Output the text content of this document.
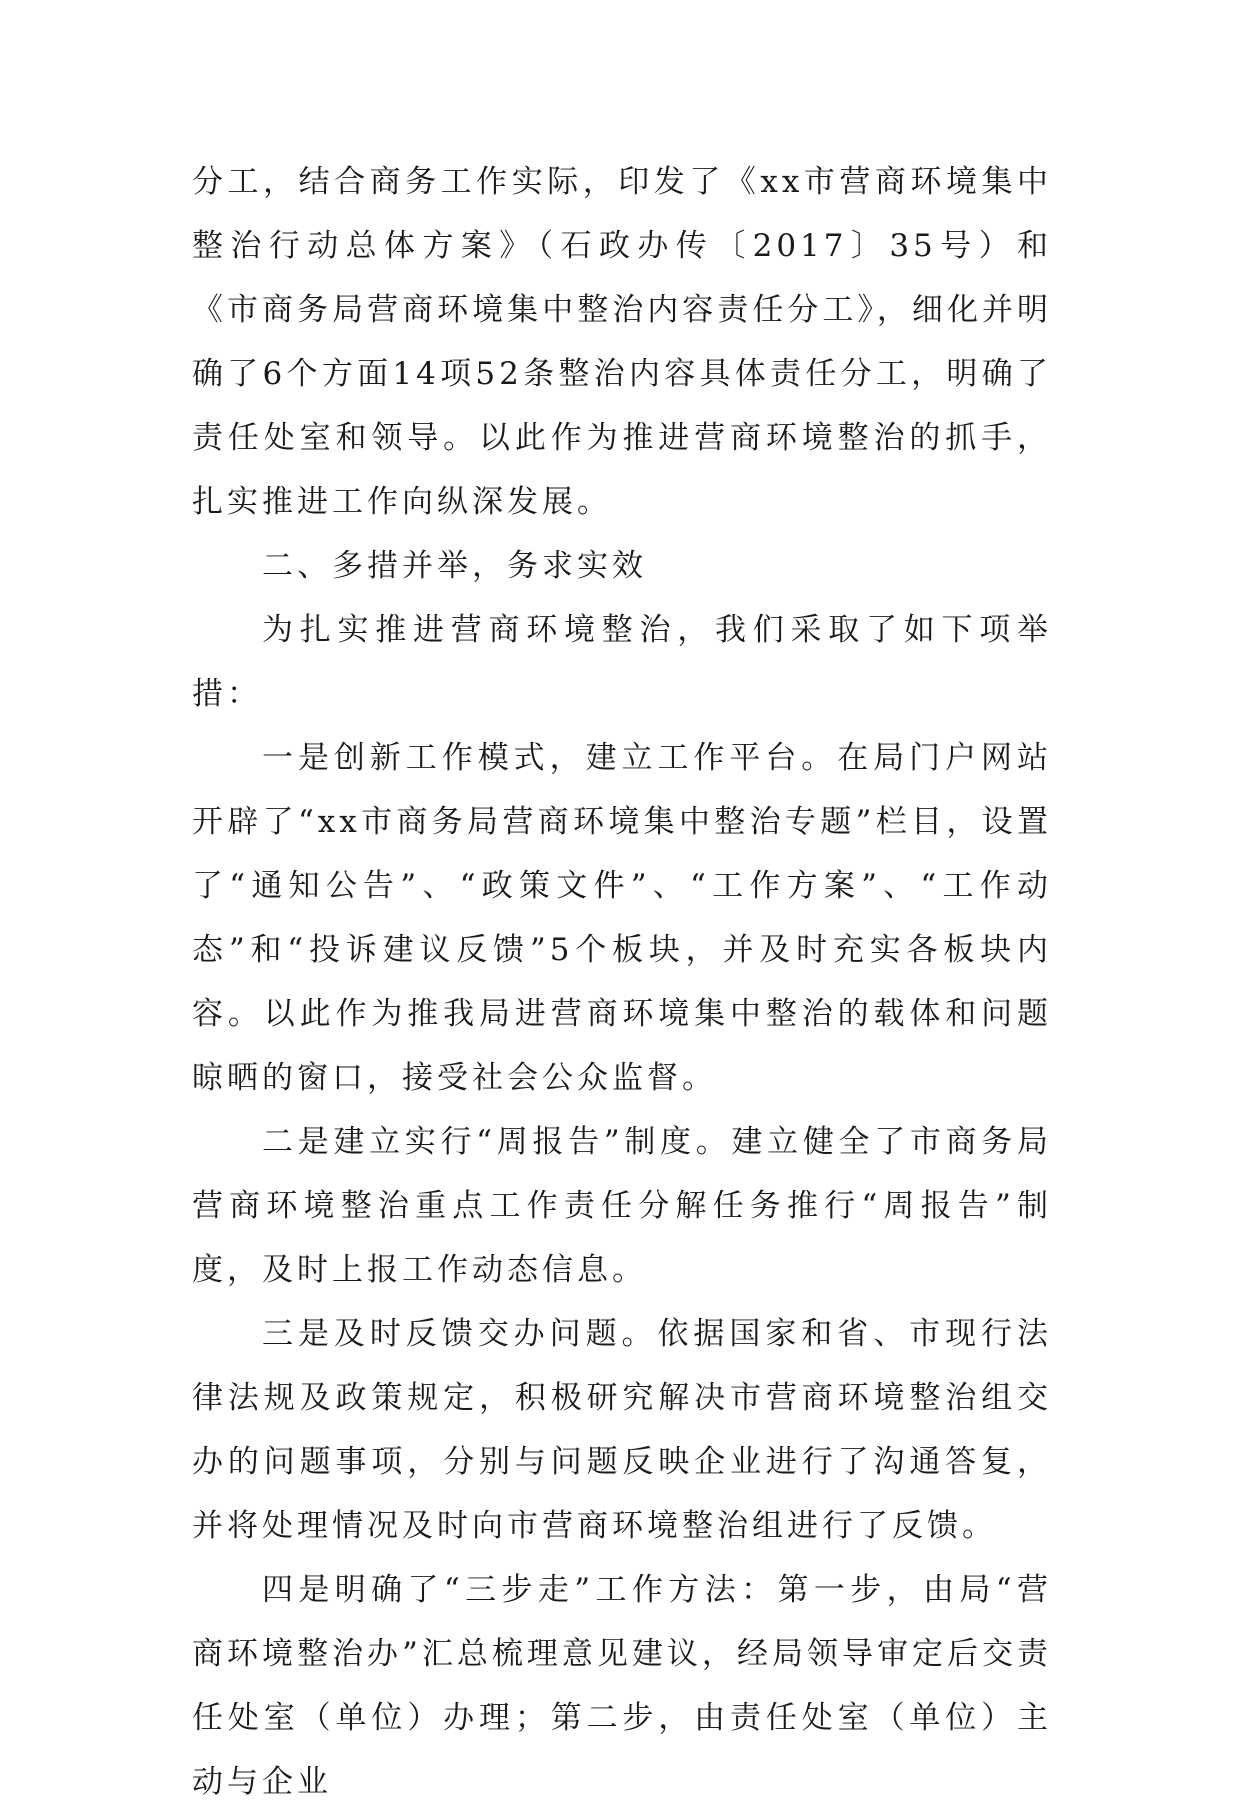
分工，结合商务工作实际，印发了《xx市营商环境集中整治行动总体方案》（石政办传〔2017〕35号）和《市商务局营商环境集中整治内容责任分工》，细化并明确了6个方面14项52条整治内容具体责任分工，明确了责任处室和领导。以此作为推进营商环境整治的抓手，扎实推进工作向纵深发展。

二、多措并举，务求实效

为扎实推进营商环境整治，我们采取了如下项举措：

一是创新工作模式，建立工作平台。在局门户网站开辟了“xx市商务局营商环境集中整治专题”栏目，设置了“通知公告”、“政策文件”、“工作方案”、“工作动态”和“投诉建议反馈”5个板块，并及时充实各板块内容。以此作为推我局进营商环境集中整治的载体和问题晾晒的窗口，接受社会公众监督。

二是建立实行“周报告”制度。建立健全了市商务局营商环境整治重点工作责任分解任务推行“周报告”制度，及时上报工作动态信息。

三是及时反馈交办问题。依据国家和省、市现行法律法规及政策规定，积极研究解决市营商环境整治组交办的问题事项，分别与问题反映企业进行了沟通答复，并将处理情况及时向市营商环境整治组进行了反馈。

四是明确了“三步走”工作方法：第一步，由局“营商环境整治办”汇总梳理意见建议，经局领导审定后交责任处室（单位）办理；第二步，由责任处室（单位）主动与企业
